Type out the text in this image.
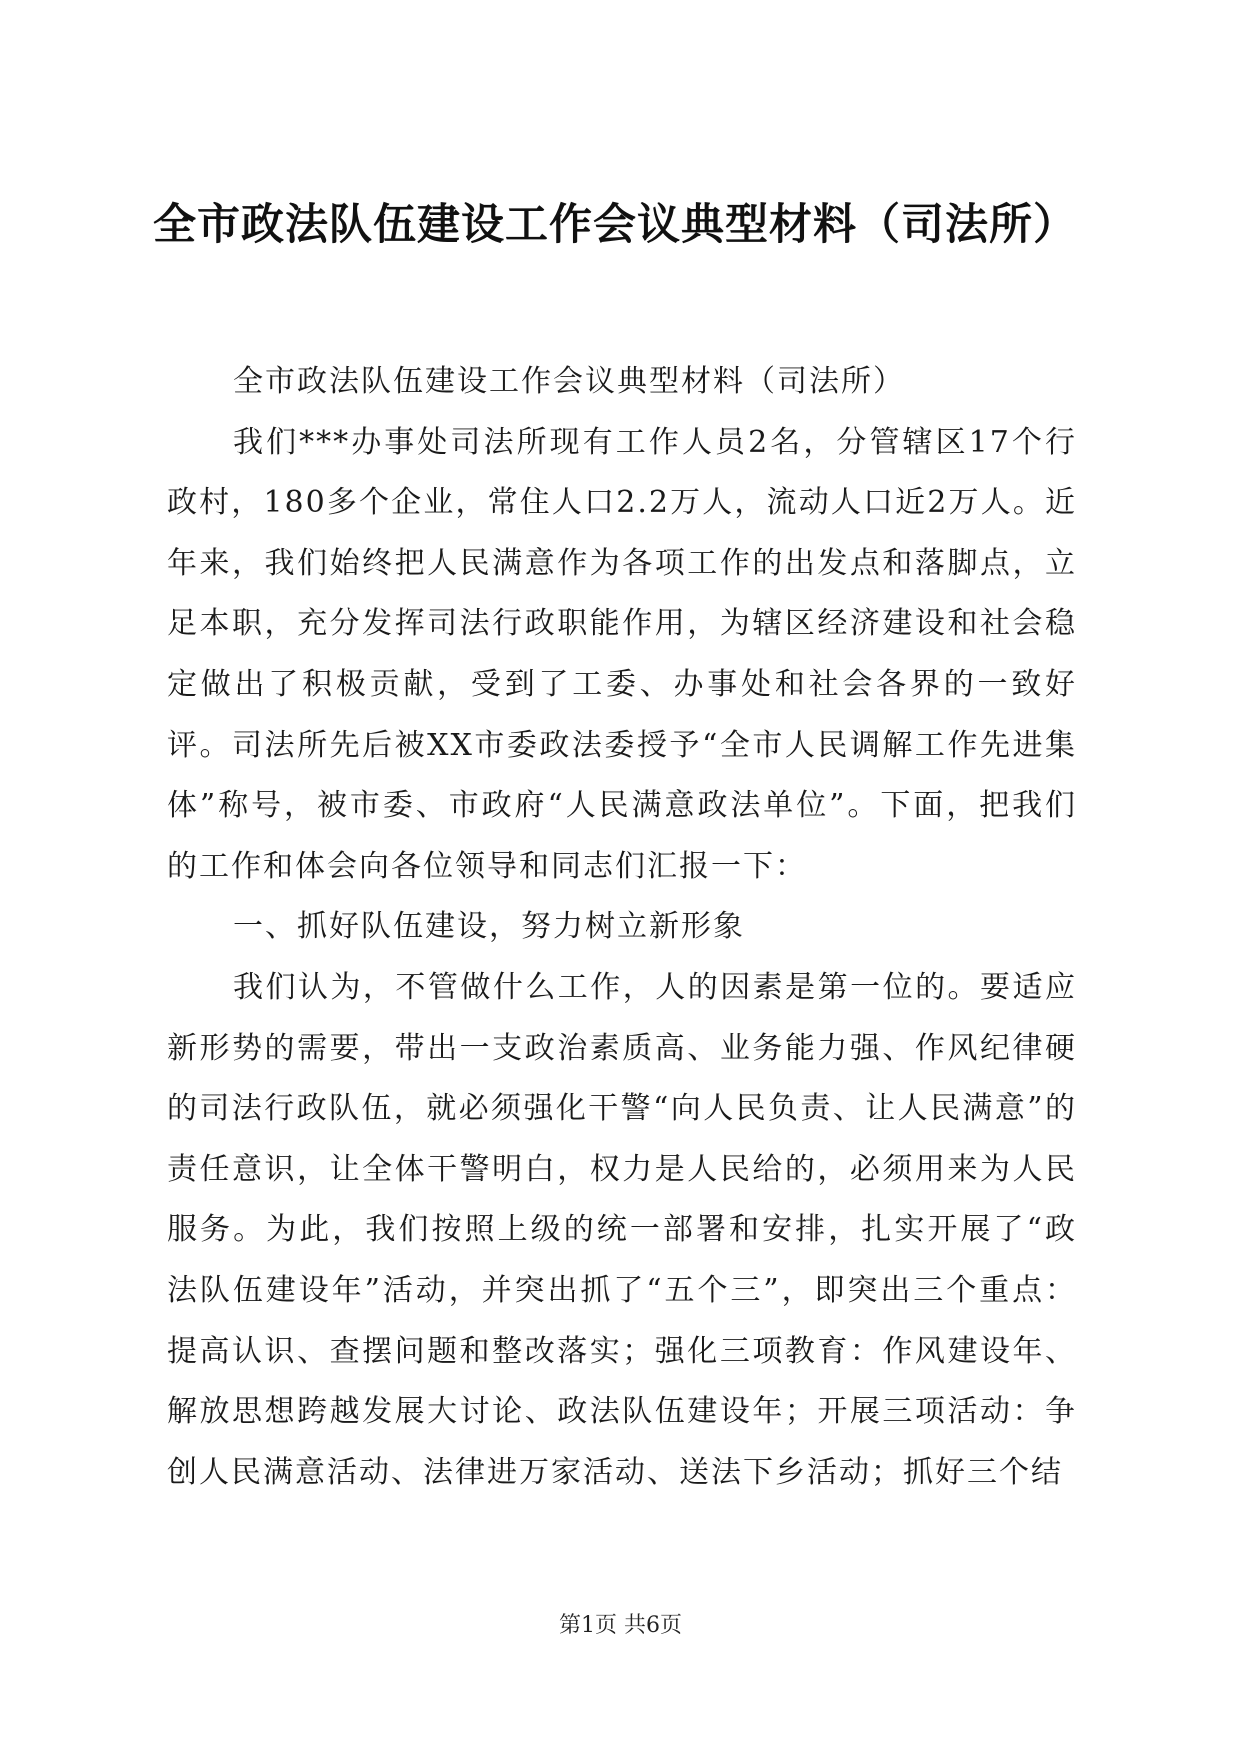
全市政法队伍建设工作会议典型材料（司法所）

全市政法队伍建设工作会议典型材料（司法所）

我们***办事处司法所现有工作人员2名，分管辖区17个行政村，180多个企业，常住人口2.2万人，流动人口近2万人。近年来，我们始终把人民满意作为各项工作的出发点和落脚点，立足本职，充分发挥司法行政职能作用，为辖区经济建设和社会稳定做出了积极贡献，受到了工委、办事处和社会各界的一致好评。司法所先后被XX市委政法委授予“全市人民调解工作先进集体”称号，被市委、市政府“人民满意政法单位”。下面，把我们的工作和体会向各位领导和同志们汇报一下：

一、抓好队伍建设，努力树立新形象

我们认为，不管做什么工作，人的因素是第一位的。要适应新形势的需要，带出一支政治素质高、业务能力强、作风纪律硬的司法行政队伍，就必须强化干警“向人民负责、让人民满意”的责任意识，让全体干警明白，权力是人民给的，必须用来为人民服务。为此，我们按照上级的统一部署和安排，扎实开展了“政法队伍建设年”活动，并突出抓了“五个三”，即突出三个重点：提高认识、查摆问题和整改落实；强化三项教育：作风建设年、解放思想跨越发展大讨论、政法队伍建设年；开展三项活动：争创人民满意活动、法律进万家活动、送法下乡活动；抓好三个结

第1页 共6页
